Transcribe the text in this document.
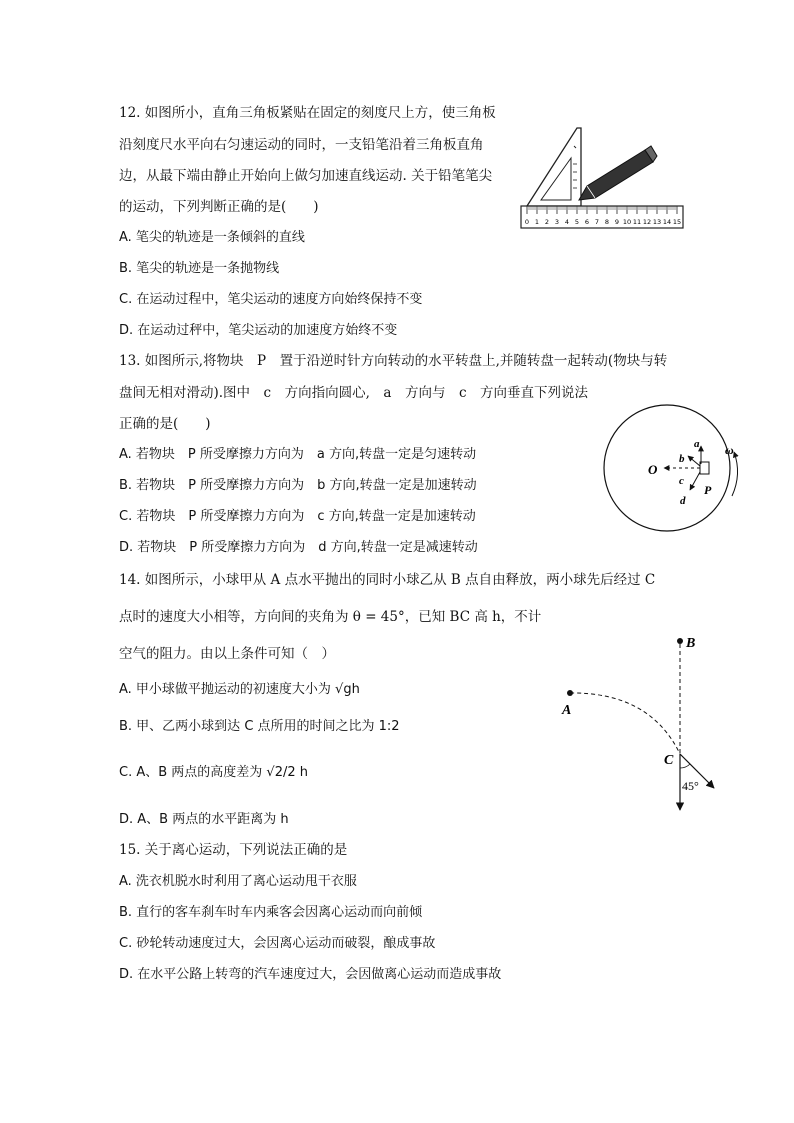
12. 如图所小，直角三角板紧贴在固定的刻度尺上方，使三角板
沿刻度尺水平向右匀速运动的同时，一支铅笔沿着三角板直角
边，从最下端由静止开始向上做匀加速直线运动. 关于铅笔笔尖
的运动，下列判断正确的是(　　)
A. 笔尖的轨迹是一条倾斜的直线
B. 笔尖的轨迹是一条抛物线
C. 在运动过程中，笔尖运动的速度方向始终保持不变
D. 在运动过秤中，笔尖运动的加速度方始终不变
0 1 2 3 4 5 6 7 8 9 10 11 12 13 14 15
13. 如图所示,将物块　P　置于沿逆时针方向转动的水平转盘上,并随转盘一起转动(物块与转
盘间无相对滑动).图中　c　方向指向圆心,　a　方向与　c　方向垂直下列说法
正确的是(　　)
A. 若物块　P 所受摩擦力方向为　a 方向,转盘一定是匀速转动
B. 若物块　P 所受摩擦力方向为　b 方向,转盘一定是加速转动
C. 若物块　P 所受摩擦力方向为　c 方向,转盘一定是加速转动
D. 若物块　P 所受摩擦力方向为　d 方向,转盘一定是减速转动
O
a
b
c
d
P
ω
14. 如图所示，小球甲从 A 点水平抛出的同时小球乙从 B 点自由释放，两小球先后经过 C
点时的速度大小相等，方向间的夹角为 θ = 45°，已知 BC 高 h，不计
空气的阻力。由以上条件可知（　）
A. 甲小球做平抛运动的初速度大小为 √gh
B. 甲、乙两小球到达 C 点所用的时间之比为 1:2
C. A、B 两点的高度差为 √2/2 h
D. A、B 两点的水平距离为 h
B
A
C
45°
15. 关于离心运动，下列说法正确的是
A. 洗衣机脱水时利用了离心运动甩干衣服
B. 直行的客车刹车时车内乘客会因离心运动而向前倾
C. 砂轮转动速度过大，会因离心运动而破裂，酿成事故
D. 在水平公路上转弯的汽车速度过大，会因做离心运动而造成事故
